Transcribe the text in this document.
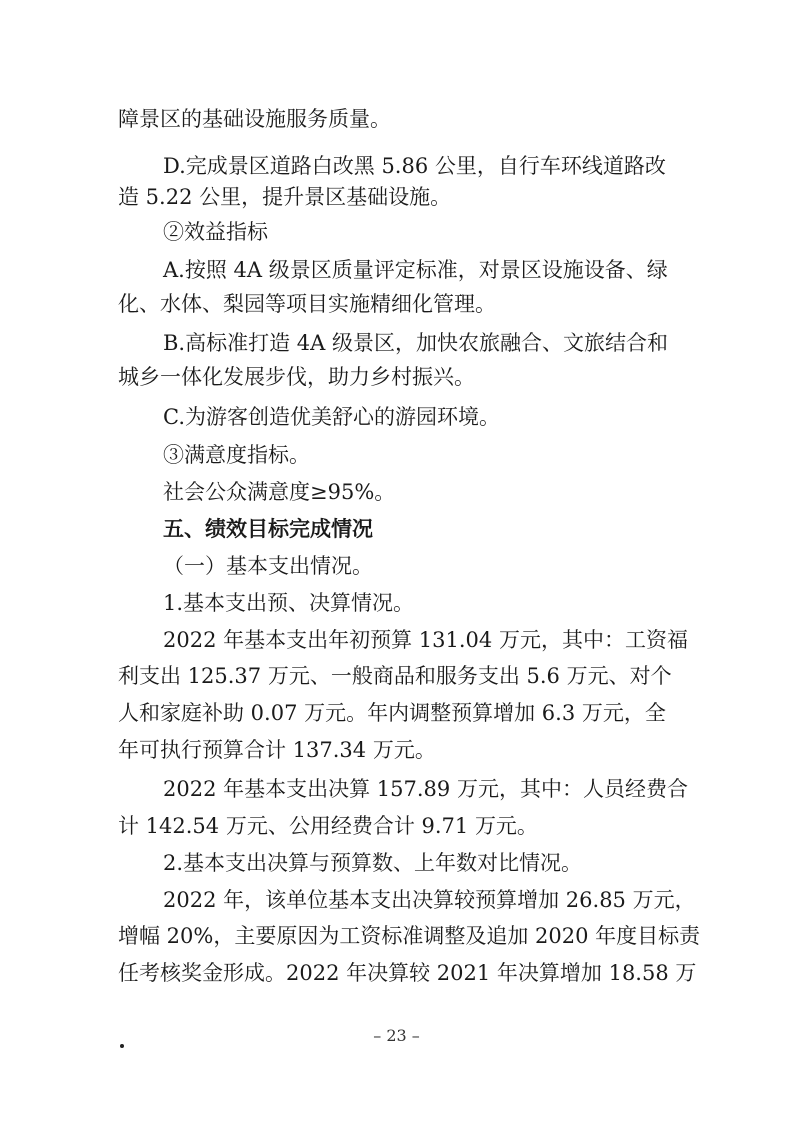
障景区的基础设施服务质量。
D.完成景区道路白改黑 5.86 公里，自行车环线道路改
造 5.22 公里，提升景区基础设施。
②效益指标
A.按照 4A 级景区质量评定标准，对景区设施设备、绿
化、水体、梨园等项目实施精细化管理。
B.高标准打造 4A 级景区，加快农旅融合、文旅结合和
城乡一体化发展步伐，助力乡村振兴。
C.为游客创造优美舒心的游园环境。
③满意度指标。
社会公众满意度≥95%。
五、绩效目标完成情况
（一）基本支出情况。
1.基本支出预、决算情况。
2022 年基本支出年初预算 131.04 万元，其中：工资福
利支出 125.37 万元、一般商品和服务支出 5.6 万元、对个
人和家庭补助 0.07 万元。年内调整预算增加 6.3 万元，全
年可执行预算合计 137.34 万元。
2022 年基本支出决算 157.89 万元，其中：人员经费合
计 142.54 万元、公用经费合计 9.71 万元。
2.基本支出决算与预算数、上年数对比情况。
2022 年，该单位基本支出决算较预算增加 26.85 万元，
增幅 20%，主要原因为工资标准调整及追加 2020 年度目标责
任考核奖金形成。2022 年决算较 2021 年决算增加 18.58 万
– 23 –
